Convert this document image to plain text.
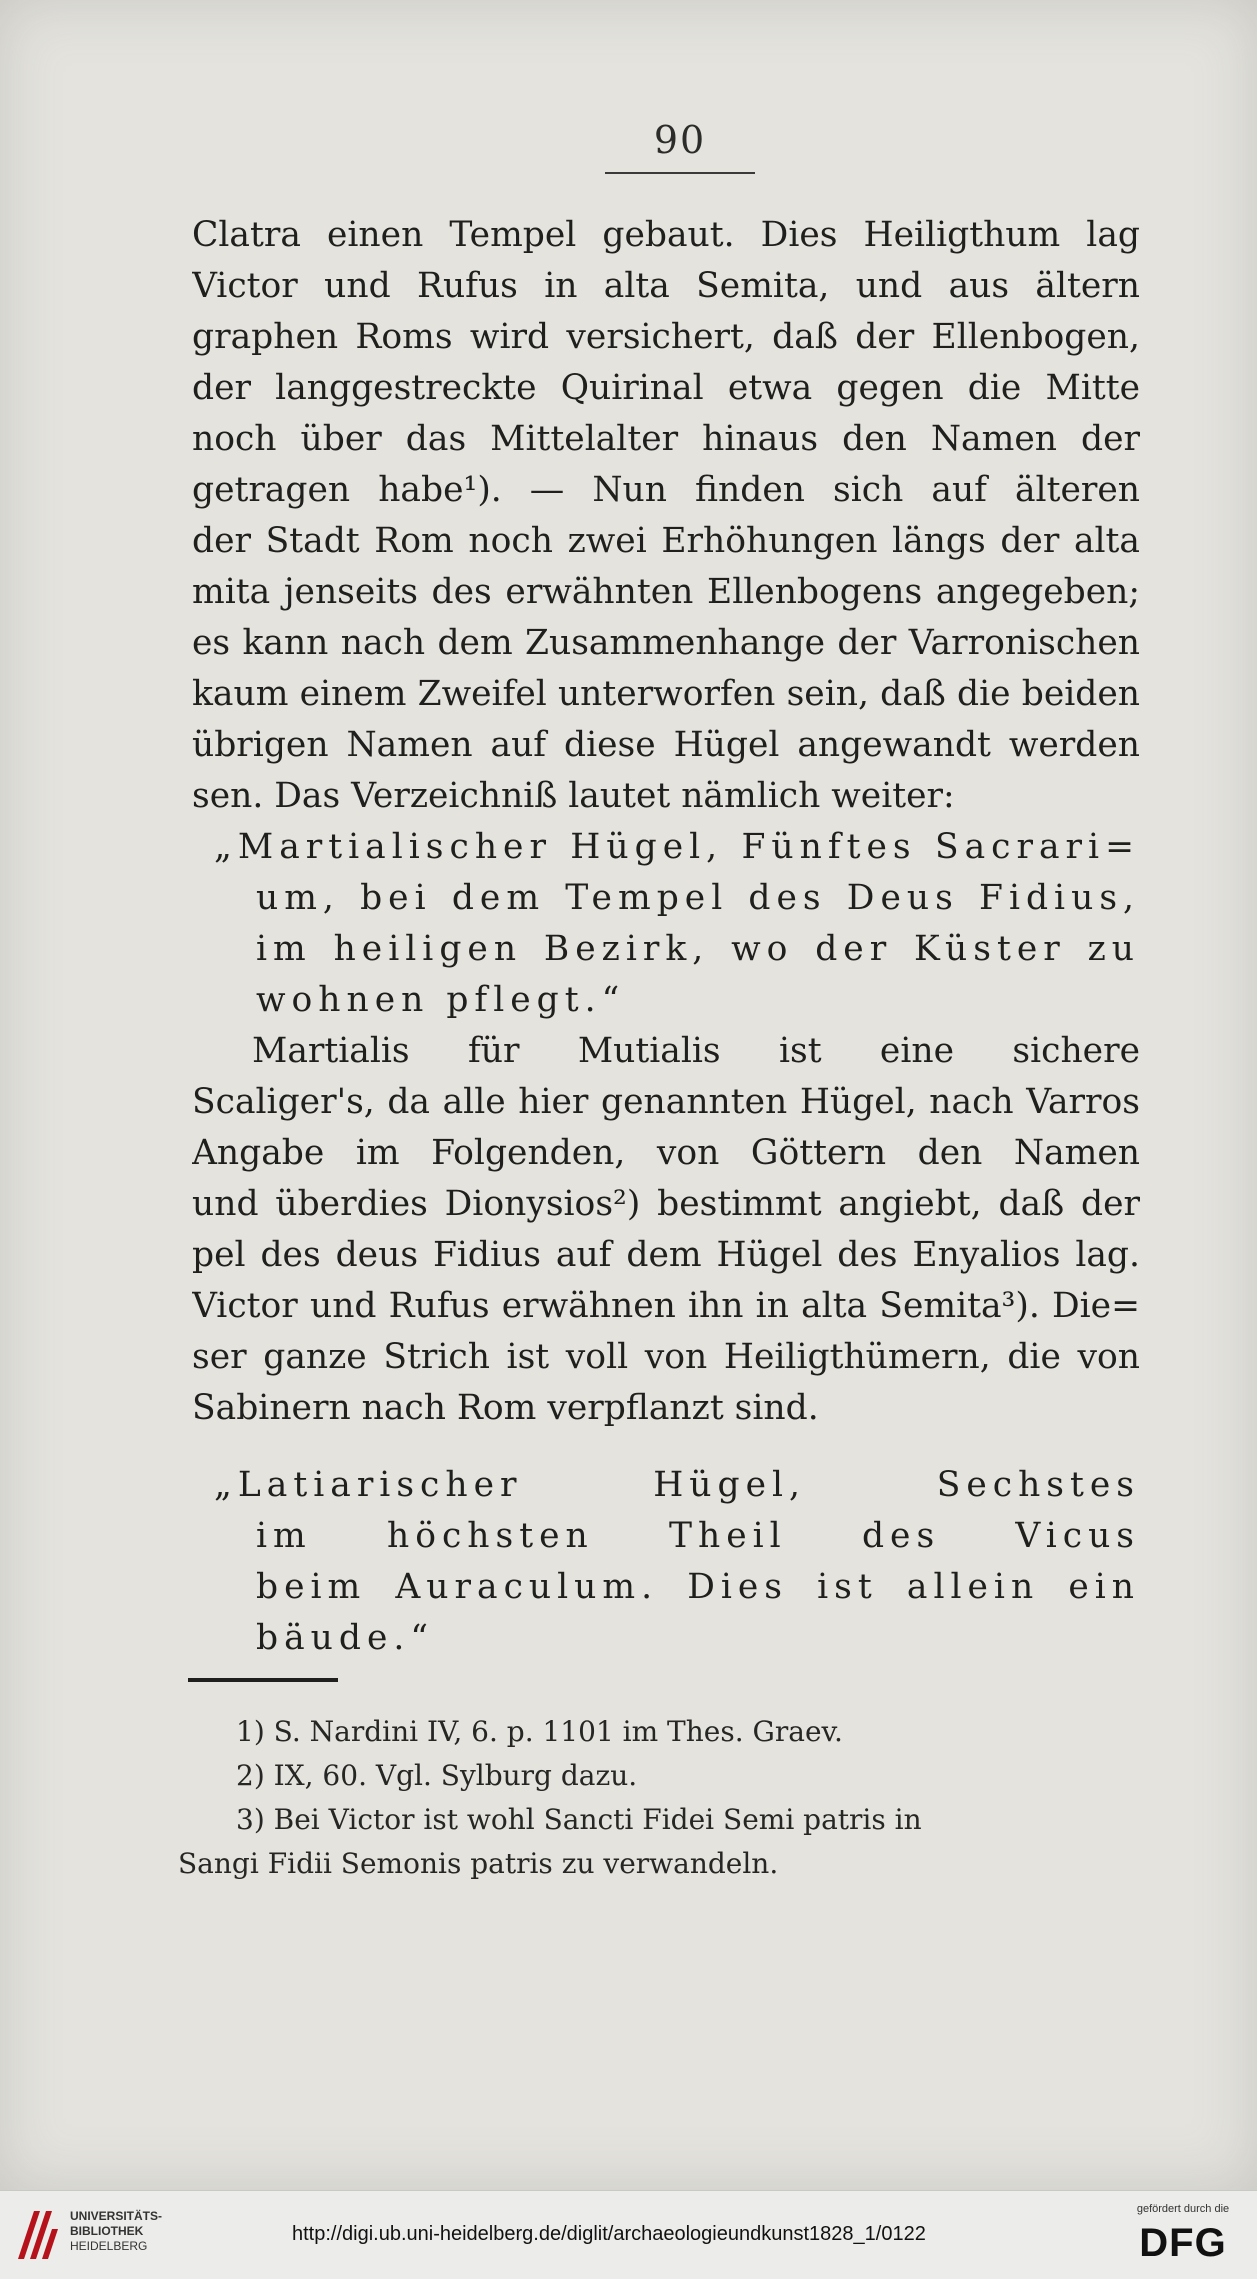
90
Clatra einen Tempel gebaut. Dies Heiligthum lag
Victor und Rufus in alta Semita, und aus ältern
graphen Roms wird versichert, daß der Ellenbogen,
der langgestreckte Quirinal etwa gegen die Mitte
noch über das Mittelalter hinaus den Namen der
getragen habe¹). — Nun finden sich auf älteren
der Stadt Rom noch zwei Erhöhungen längs der alta
mita jenseits des erwähnten Ellenbogens angegeben;
es kann nach dem Zusammenhange der Varronischen
kaum einem Zweifel unterworfen sein, daß die beiden
übrigen Namen auf diese Hügel angewandt werden
sen. Das Verzeichniß lautet nämlich weiter:
„Martialischer Hügel, Fünftes Sacrari=
um, bei dem Tempel des Deus Fidius,
im heiligen Bezirk, wo der Küster zu
wohnen pflegt.“
Martialis für Mutialis ist eine sichere
Scaliger's, da alle hier genannten Hügel, nach Varros
Angabe im Folgenden, von Göttern den Namen
und überdies Dionysios²) bestimmt angiebt, daß der
pel des deus Fidius auf dem Hügel des Enyalios lag.
Victor und Rufus erwähnen ihn in alta Semita³). Die=
ser ganze Strich ist voll von Heiligthümern, die von
Sabinern nach Rom verpflanzt sind.
„Latiarischer Hügel, Sechstes
im höchsten Theil des Vicus
beim Auraculum. Dies ist allein ein
bäude.“
1) S. Nardini IV, 6. p. 1101 im Thes. Graev.
2) IX, 60. Vgl. Sylburg dazu.
3) Bei Victor ist wohl Sancti Fidei Semi patris in
Sangi Fidii Semonis patris zu verwandeln.
UNIVERSITÄTS-
BIBLIOTHEK
HEIDELBERG
http://digi.ub.uni-heidelberg.de/diglit/archaeologieundkunst1828_1/0122
gefördert durch die
DFG
